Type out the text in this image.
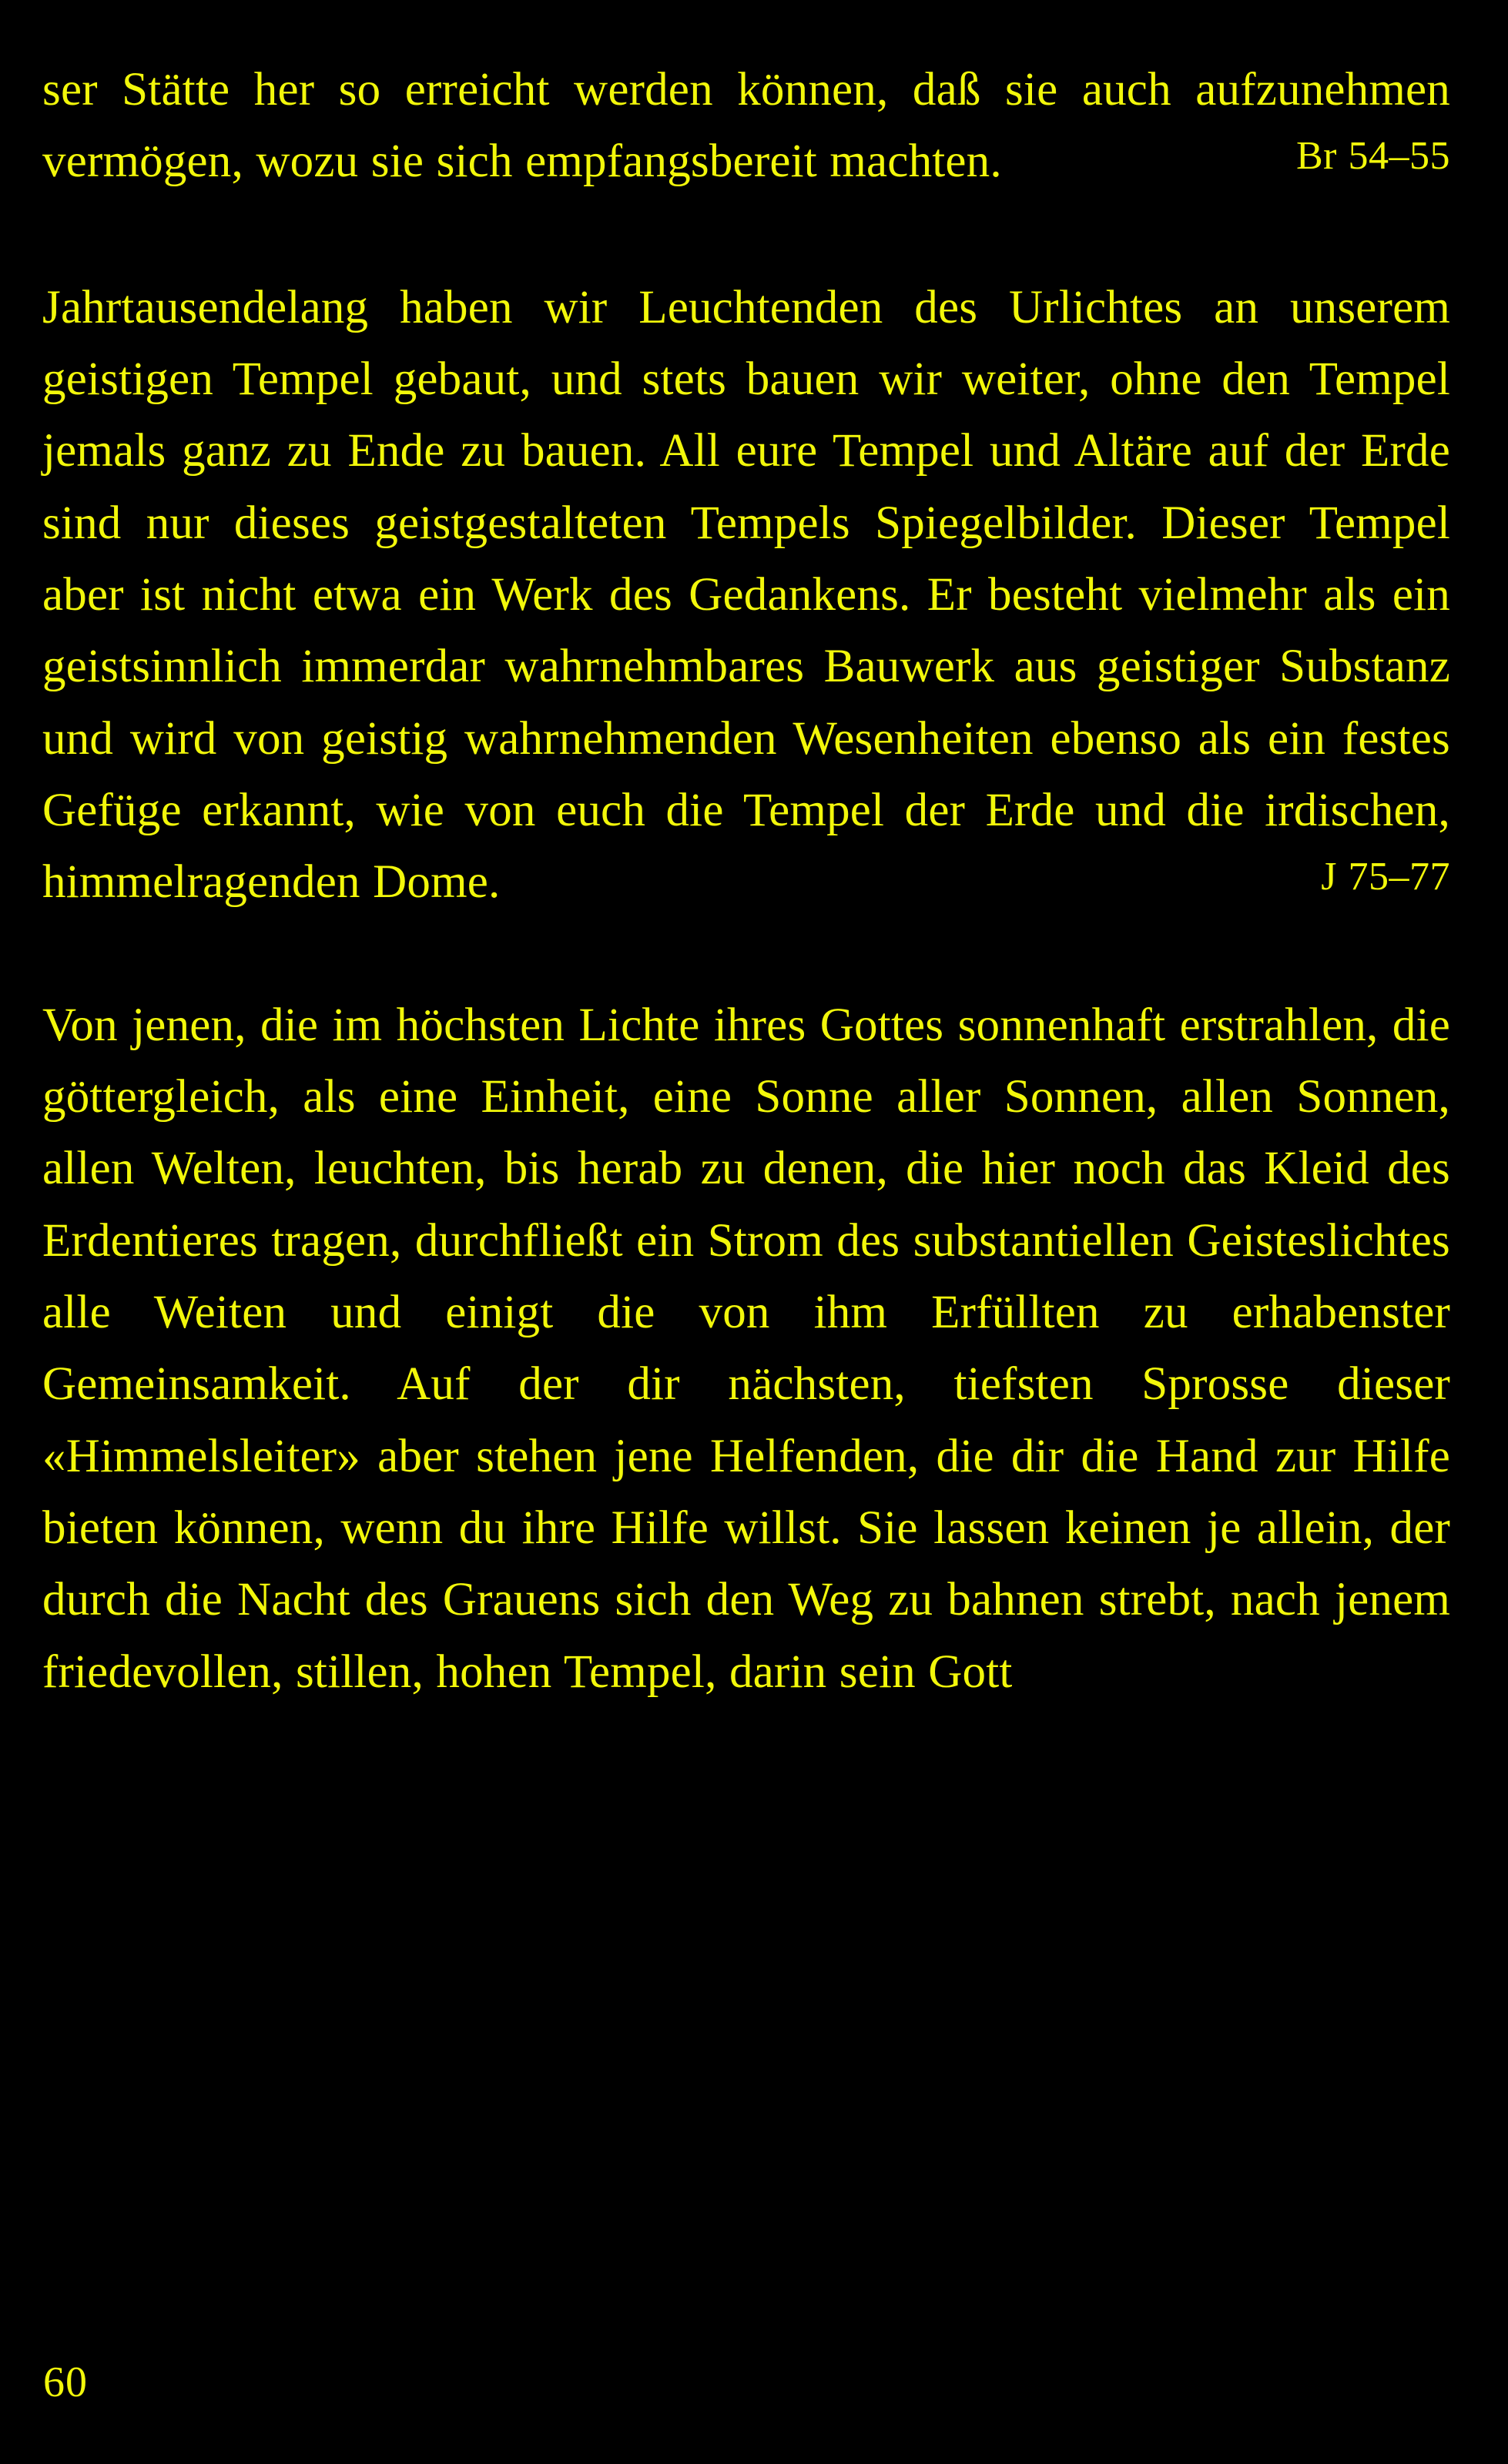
ser Stätte her so erreicht werden können, daß sie auch aufzunehmen vermögen, wozu sie sich empfangsbereit machten.	Br 54–55
Jahrtausendelang haben wir Leuchtenden des Urlichtes an unserem geistigen Tempel gebaut, und stets bauen wir weiter, ohne den Tempel jemals ganz zu Ende zu bauen. All eure Tempel und Altäre auf der Erde sind nur dieses geistgestalteten Tempels Spiegelbilder. Dieser Tempel aber ist nicht etwa ein Werk des Gedankens. Er besteht vielmehr als ein geistsinnlich immerdar wahrnehmbares Bauwerk aus geistiger Substanz und wird von geistig wahrnehmenden Wesenheiten ebenso als ein festes Gefüge erkannt, wie von euch die Tempel der Erde und die irdischen, himmelragenden Dome.	J 75–77
Von jenen, die im höchsten Lichte ihres Gottes sonnenhaft erstrahlen, die göttergleich, als eine Einheit, eine Sonne aller Sonnen, allen Sonnen, allen Welten, leuchten, bis herab zu denen, die hier noch das Kleid des Erdentieres tragen, durchfließt ein Strom des substantiellen Geisteslichtes alle Weiten und einigt die von ihm Erfüllten zu erhabenster Gemeinsamkeit. Auf der dir nächsten, tiefsten Sprosse dieser «Himmelsleiter» aber stehen jene Helfenden, die dir die Hand zur Hilfe bieten können, wenn du ihre Hilfe willst. Sie lassen keinen je allein, der durch die Nacht des Grauens sich den Weg zu bahnen strebt, nach jenem friedevollen, stillen, hohen Tempel, darin sein Gott
60
